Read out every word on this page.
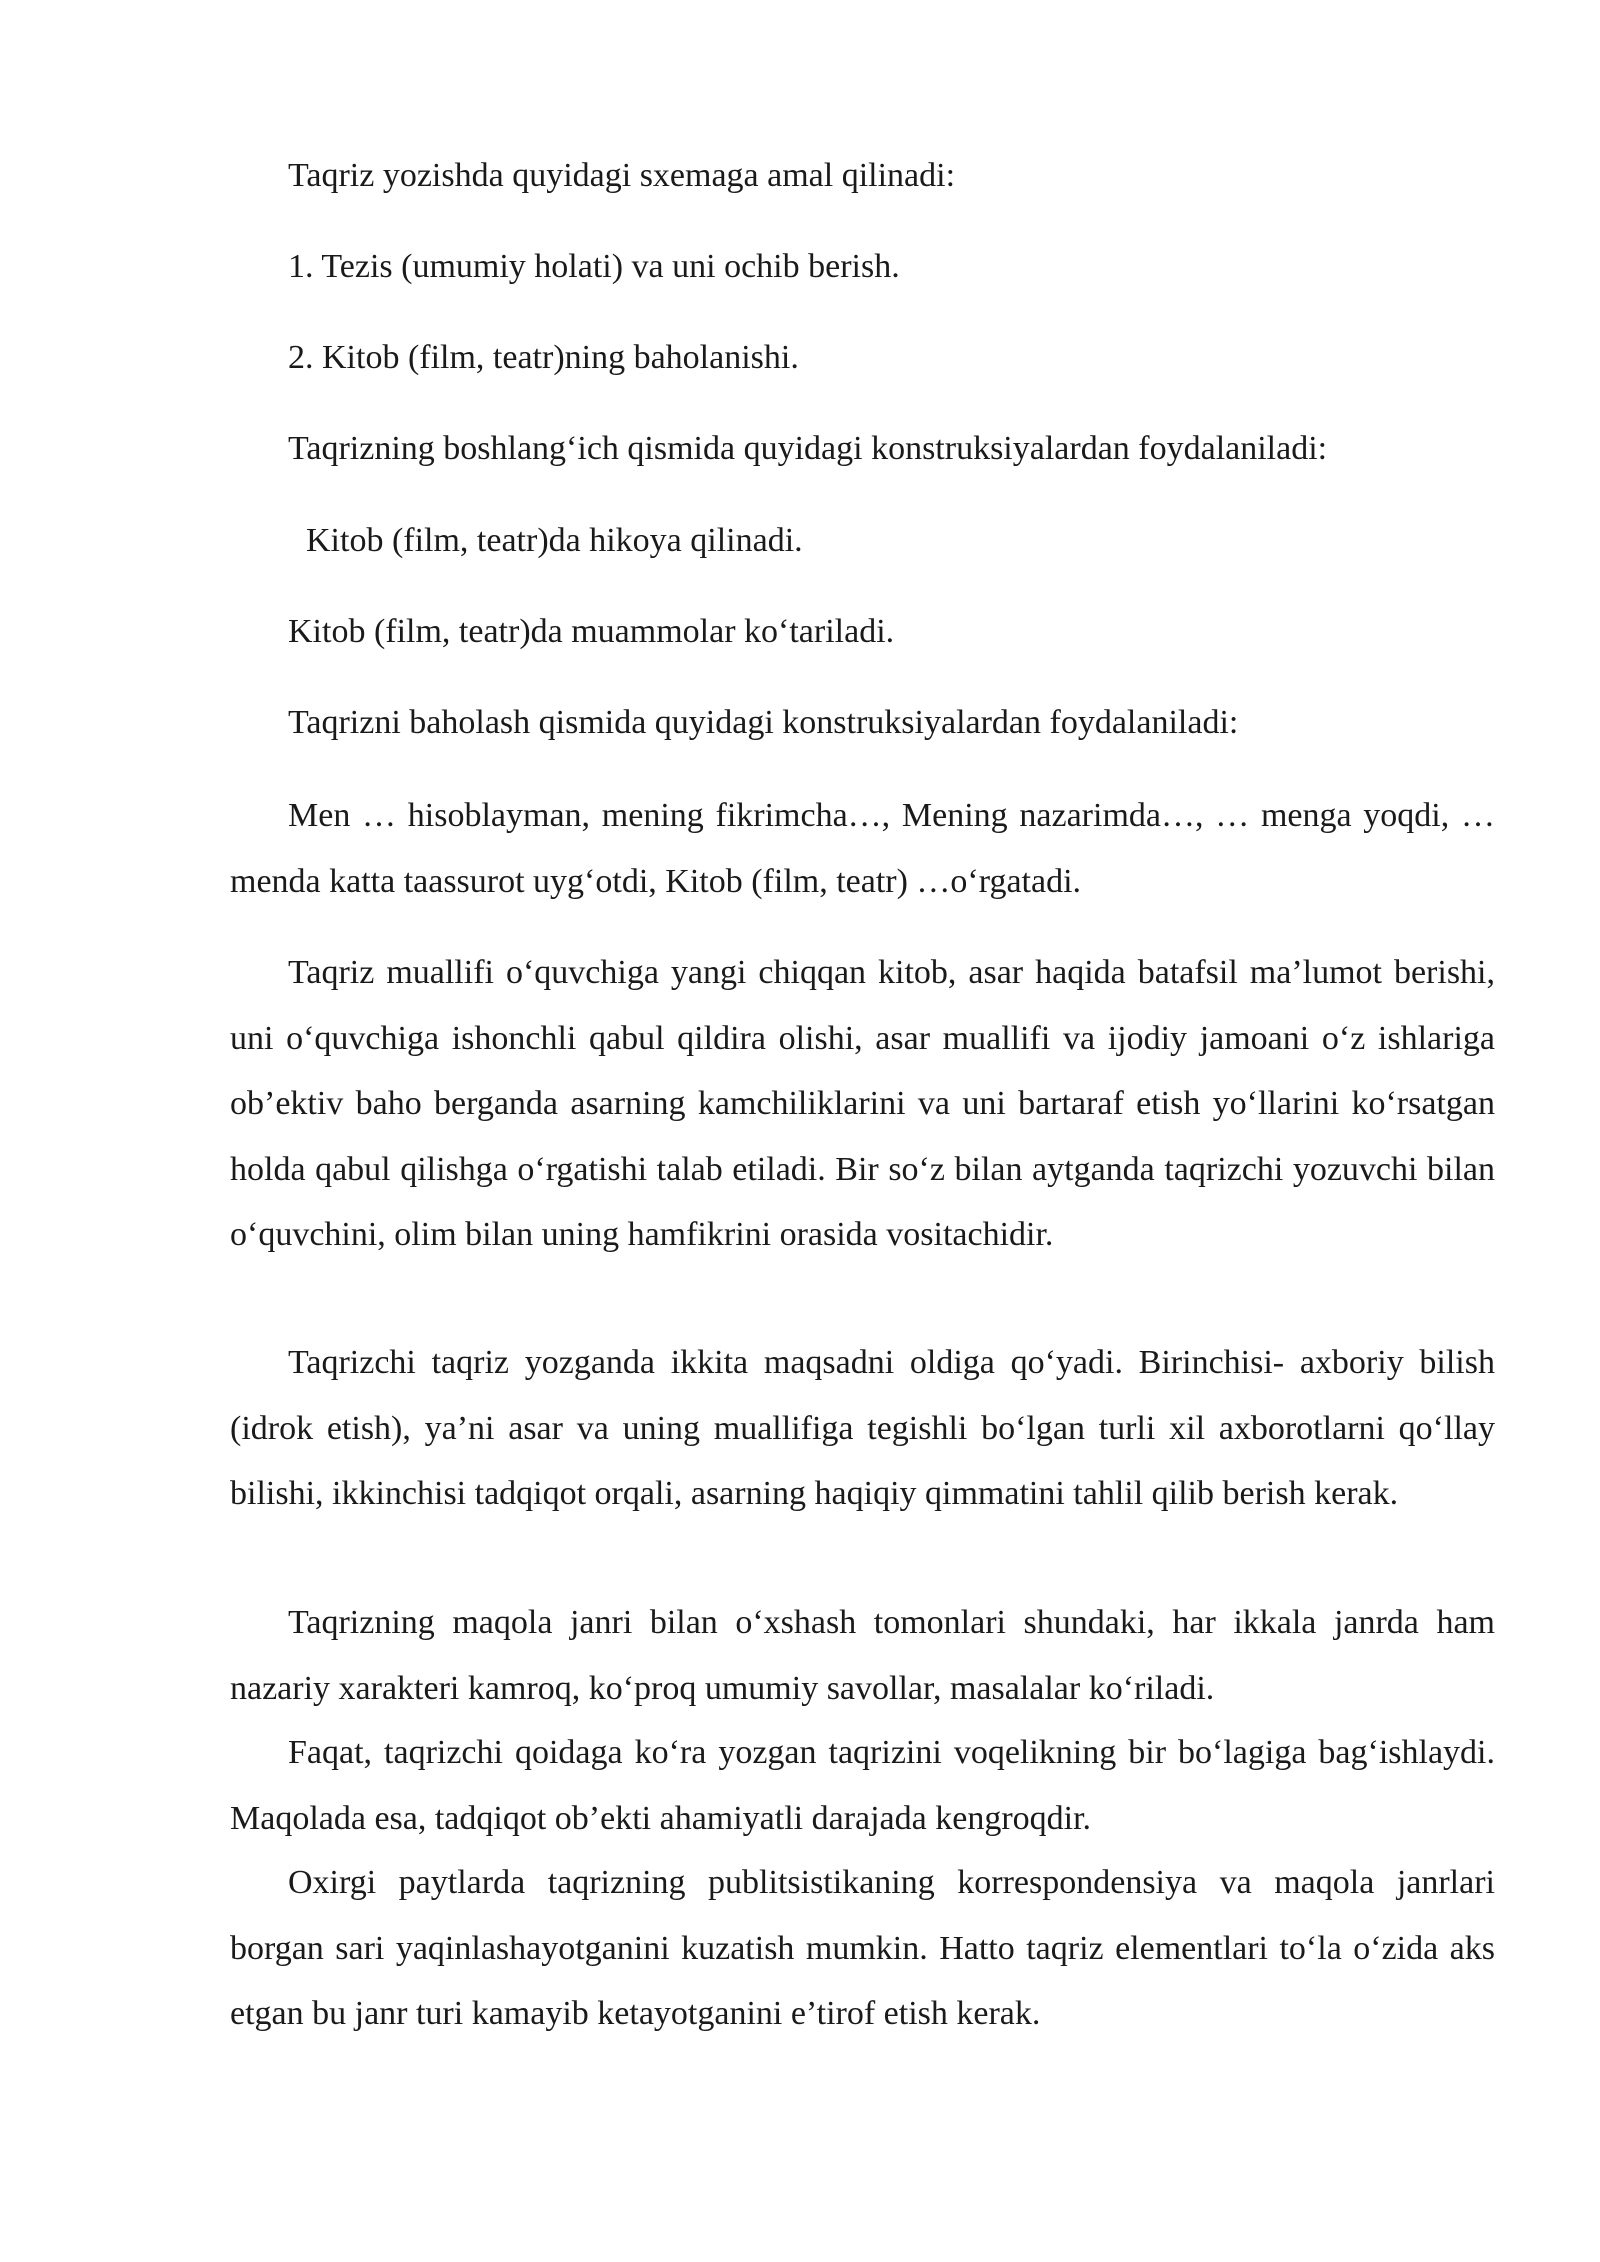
Taqriz yozishda quyidagi sxemaga amal qilinadi:
1. Tezis (umumiy holati) va uni ochib berish.
2. Kitob (film, teatr)ning baholanishi.
Taqrizning boshlang‘ich qismida quyidagi konstruksiyalardan foydalaniladi:
Kitob (film, teatr)da hikoya qilinadi.
Kitob (film, teatr)da muammolar ko‘tariladi.
Taqrizni baholash qismida quyidagi konstruksiyalardan foydalaniladi:

Men … hisoblayman, mening fikrimcha…, Mening nazarimda…, … menga yoqdi, … menda katta taassurot uyg‘otdi, Kitob (film, teatr) …o‘rgatadi.

Taqriz muallifi o‘quvchiga yangi chiqqan kitob, asar haqida batafsil ma’lumot berishi, uni o‘quvchiga ishonchli qabul qildira olishi, asar muallifi va ijodiy jamoani o‘z ishlariga ob’ektiv baho berganda asarning kamchiliklarini va uni bartaraf etish yo‘llarini ko‘rsatgan holda qabul qilishga o‘rgatishi talab etiladi. Bir so‘z bilan aytganda taqrizchi yozuvchi bilan o‘quvchini, olim bilan uning hamfikrini orasida vositachidir.

Taqrizchi taqriz yozganda ikkita maqsadni oldiga qo‘yadi. Birinchisi- axboriy bilish (idrok etish), ya’ni asar va uning muallifiga tegishli bo‘lgan turli xil axborotlarni qo‘llay bilishi, ikkinchisi tadqiqot orqali, asarning haqiqiy qimmatini tahlil qilib berish kerak.

Taqrizning maqola janri bilan o‘xshash tomonlari shundaki, har ikkala janrda ham nazariy xarakteri kamroq, ko‘proq umumiy savollar, masalalar ko‘riladi.

Faqat, taqrizchi qoidaga ko‘ra yozgan taqrizini voqelikning bir bo‘lagiga bag‘ishlaydi. Maqolada esa, tadqiqot ob’ekti ahamiyatli darajada kengroqdir.

Oxirgi paytlarda taqrizning publitsistikaning korrespondensiya va maqola janrlari borgan sari yaqinlashayotganini kuzatish mumkin. Hatto taqriz elementlari to‘la o‘zida aks etgan bu janr turi kamayib ketayotganini e’tirof etish kerak.
